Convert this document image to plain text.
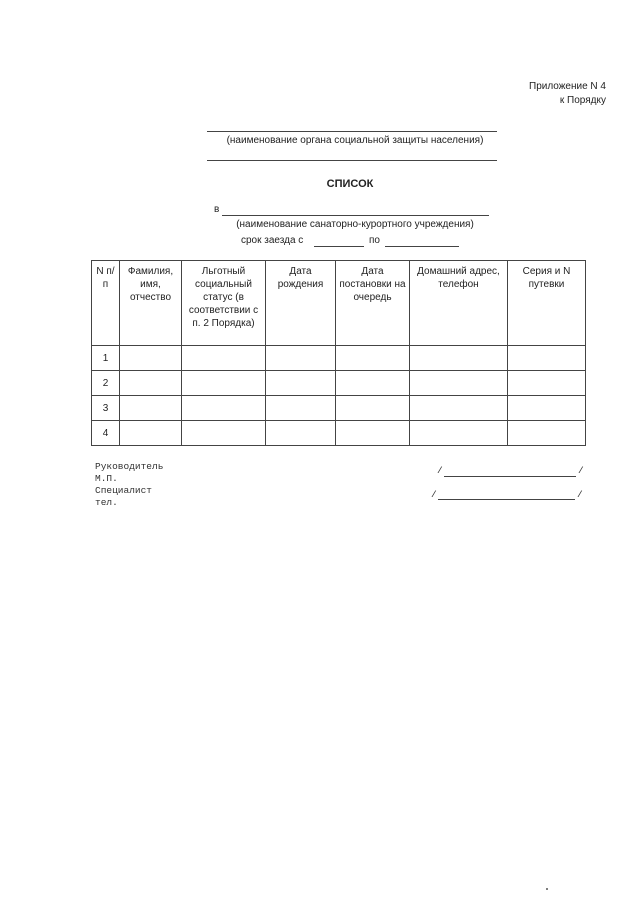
Приложение N 4
к Порядку
(наименование органа социальной защиты населения)
СПИСОК
в
(наименование санаторно-курортного учреждения)
срок заезда с	по
N п/п	Фамилия, имя, отчество	Льготный социальный статус (в соответствии с п. 2 Порядка)	Дата рождения	Дата постановки на очередь	Домашний адрес, телефон	Серия и N путевки
1						
2						
3						
4						
Руководитель
М.П.
Специалист
тел.
/	/
/	/
